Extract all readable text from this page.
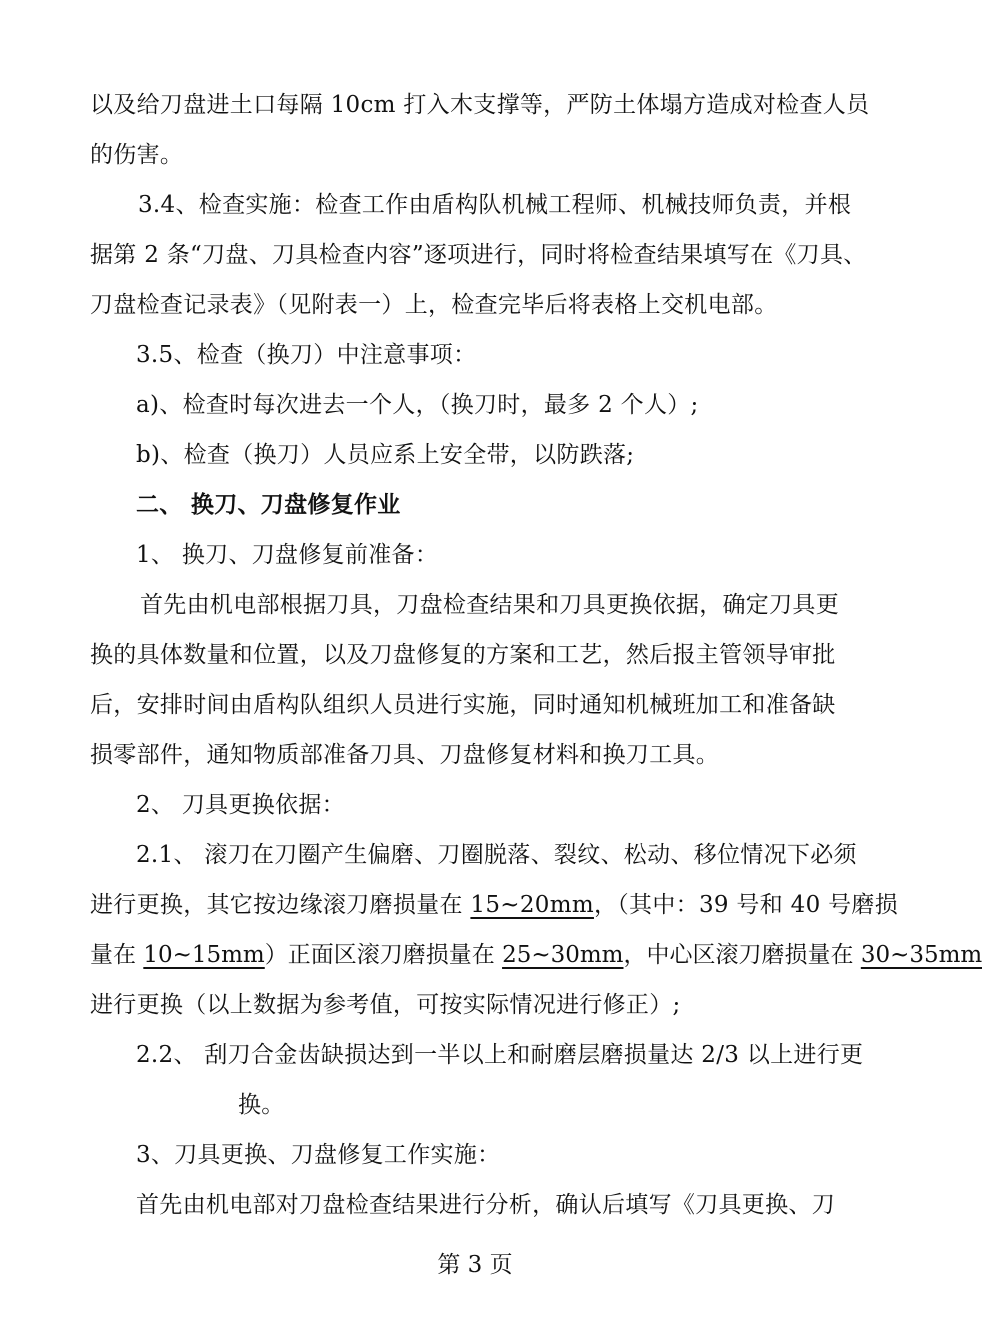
以及给刀盘进土口每隔 10cm 打入木支撑等，严防土体塌方造成对检查人员
的伤害。
3.4、检查实施：检查工作由盾构队机械工程师、机械技师负责，并根
据第 2 条“刀盘、刀具检查内容”逐项进行，同时将检查结果填写在《刀具、
刀盘检查记录表》（见附表一）上，检查完毕后将表格上交机电部。
3.5、检查（换刀）中注意事项：
a)、检查时每次进去一个人，（换刀时，最多 2 个人）;
b)、检查（换刀）人员应系上安全带，以防跌落;
二、 换刀、刀盘修复作业
1、 换刀、刀盘修复前准备：
首先由机电部根据刀具，刀盘检查结果和刀具更换依据，确定刀具更
换的具体数量和位置，以及刀盘修复的方案和工艺，然后报主管领导审批
后，安排时间由盾构队组织人员进行实施，同时通知机械班加工和准备缺
损零部件，通知物质部准备刀具、刀盘修复材料和换刀工具。
2、 刀具更换依据：
2.1、 滚刀在刀圈产生偏磨、刀圈脱落、裂纹、松动、移位情况下必须
进行更换，其它按边缘滚刀磨损量在 15~20mm，（其中：39 号和 40 号磨损
量在 10~15mm）正面区滚刀磨损量在 25~30mm，中心区滚刀磨损量在 30~35mm
进行更换（以上数据为参考值，可按实际情况进行修正）;
2.2、 刮刀合金齿缺损达到一半以上和耐磨层磨损量达 2/3 以上进行更
换。
3、刀具更换、刀盘修复工作实施：
首先由机电部对刀盘检查结果进行分析，确认后填写《刀具更换、刀
第 3 页
